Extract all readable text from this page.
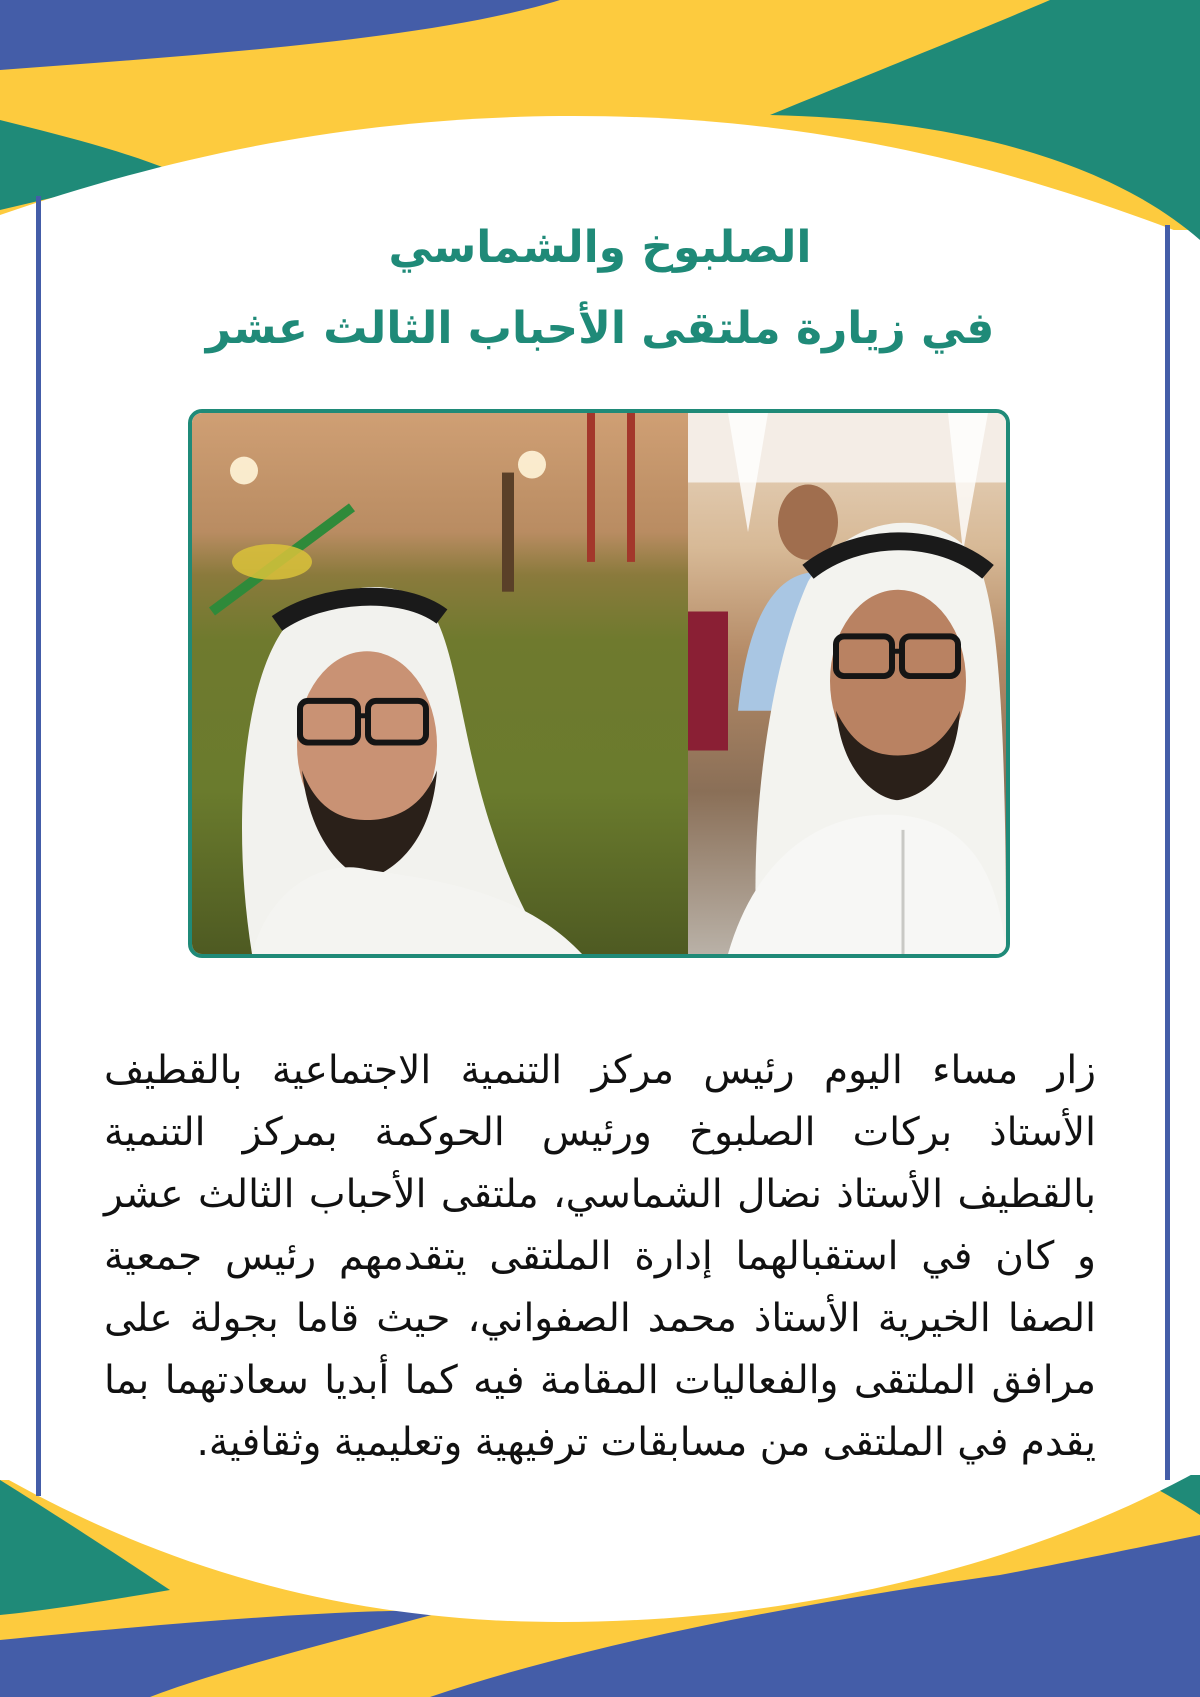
الصلبوخ والشماسي
في زيارة ملتقى الأحباب الثالث عشر

زار مساء اليوم رئيس مركز التنمية الاجتماعية بالقطيف الأستاذ بركات الصلبوخ ورئيس الحوكمة بمركز التنمية بالقطيف الأستاذ نضال الشماسي، ملتقى الأحباب الثالث عشر و كان في استقبالهما إدارة الملتقى يتقدمهم رئيس جمعية الصفا الخيرية الأستاذ محمد الصفواني، حيث قاما بجولة على مرافق الملتقى والفعاليات المقامة فيه كما أبديا سعادتهما بما يقدم في الملتقى من مسابقات ترفيهية وتعليمية وثقافية.
